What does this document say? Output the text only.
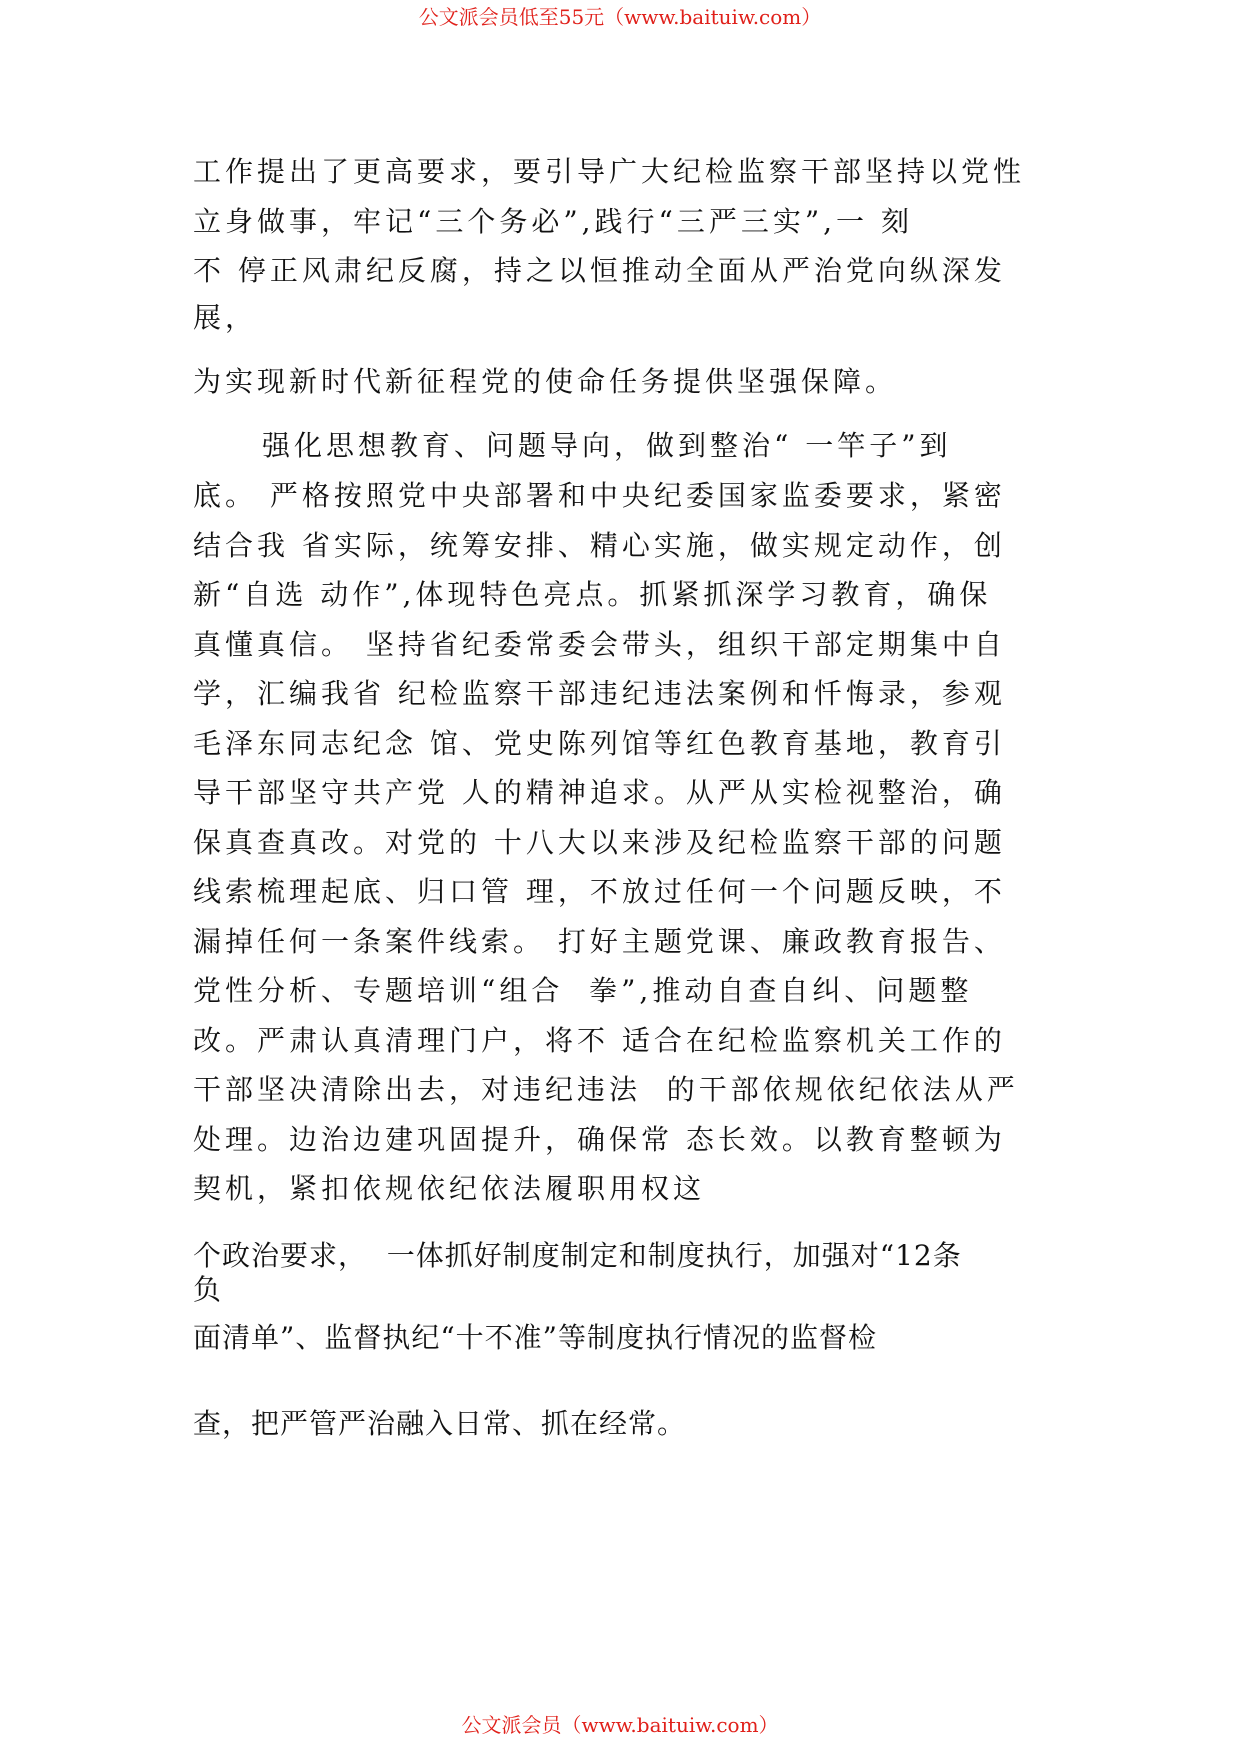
公文派会员低至55元（www.baituiw.com）
工作提出了更高要求，要引导广大纪检监察干部坚持以党性
立身做事，牢记“三个务必”,践行“三严三实”,一 刻
不 停正风肃纪反腐，持之以恒推动全面从严治党向纵深发
展，
为实现新时代新征程党的使命任务提供坚强保障。
强化思想教育、问题导向，做到整治“ 一竿子”到
底。 严格按照党中央部署和中央纪委国家监委要求，紧密
结合我 省实际，统筹安排、精心实施，做实规定动作，创
新“自选 动作”,体现特色亮点。抓紧抓深学习教育，确保
真懂真信。 坚持省纪委常委会带头，组织干部定期集中自
学，汇编我省 纪检监察干部违纪违法案例和忏悔录，参观
毛泽东同志纪念 馆、党史陈列馆等红色教育基地，教育引
导干部坚守共产党 人的精神追求。从严从实检视整治，确
保真查真改。对党的 十八大以来涉及纪检监察干部的问题
线索梳理起底、归口管 理，不放过任何一个问题反映，不
漏掉任何一条案件线索。 打好主题党课、廉政教育报告、
党性分析、专题培训“组合  拳”,推动自查自纠、问题整
改。严肃认真清理门户，将不 适合在纪检监察机关工作的
干部坚决清除出去，对违纪违法  的干部依规依纪依法从严
处理。边治边建巩固提升，确保常 态长效。以教育整顿为
契机，紧扣依规依纪依法履职用权这
个政治要求，  一体抓好制度制定和制度执行，加强对“12条
负
面清单”、监督执纪“十不准”等制度执行情况的监督检
查，把严管严治融入日常、抓在经常。
公文派会员（www.baituiw.com）
